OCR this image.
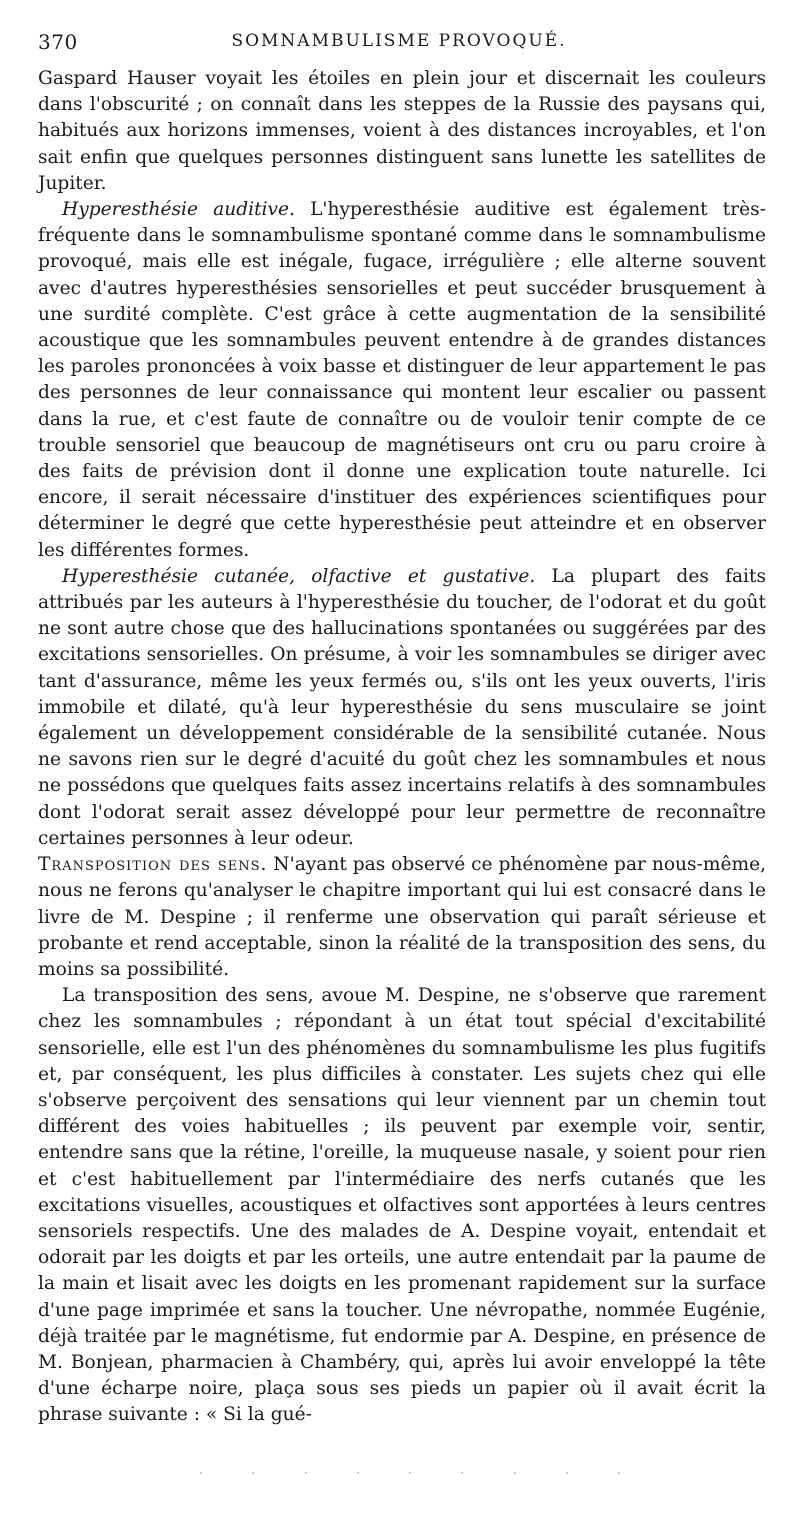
370	SOMNAMBULISME PROVOQUÉ.

Gaspard Hauser voyait les étoiles en plein jour et discernait les couleurs dans l'obscurité ; on connaît dans les steppes de la Russie des paysans qui, habitués aux horizons immenses, voient à des distances incroyables, et l'on sait enfin que quelques personnes distinguent sans lunette les satellites de Jupiter.

Hyperesthésie auditive. L'hyperesthésie auditive est également très-fréquente dans le somnambulisme spontané comme dans le somnambulisme provoqué, mais elle est inégale, fugace, irrégulière ; elle alterne souvent avec d'autres hyperesthésies sensorielles et peut succéder brusquement à une surdité complète. C'est grâce à cette augmentation de la sensibilité acoustique que les somnambules peuvent entendre à de grandes distances les paroles prononcées à voix basse et distinguer de leur appartement le pas des personnes de leur connaissance qui montent leur escalier ou passent dans la rue, et c'est faute de connaître ou de vouloir tenir compte de ce trouble sensoriel que beaucoup de magnétiseurs ont cru ou paru croire à des faits de prévision dont il donne une explication toute naturelle. Ici encore, il serait nécessaire d'instituer des expériences scientifiques pour déterminer le degré que cette hyperesthésie peut atteindre et en observer les différentes formes.

Hyperesthésie cutanée, olfactive et gustative. La plupart des faits attribués par les auteurs à l'hyperesthésie du toucher, de l'odorat et du goût ne sont autre chose que des hallucinations spontanées ou suggérées par des excitations sensorielles. On présume, à voir les somnambules se diriger avec tant d'assurance, même les yeux fermés ou, s'ils ont les yeux ouverts, l'iris immobile et dilaté, qu'à leur hyperesthésie du sens musculaire se joint également un développement considérable de la sensibilité cutanée. Nous ne savons rien sur le degré d'acuité du goût chez les somnambules et nous ne possédons que quelques faits assez incertains relatifs à des somnambules dont l'odorat serait assez développé pour leur permettre de reconnaître certaines personnes à leur odeur.

Transposition des sens. N'ayant pas observé ce phénomène par nous-même, nous ne ferons qu'analyser le chapitre important qui lui est consacré dans le livre de M. Despine ; il renferme une observation qui paraît sérieuse et probante et rend acceptable, sinon la réalité de la transposition des sens, du moins sa possibilité.

La transposition des sens, avoue M. Despine, ne s'observe que rarement chez les somnambules ; répondant à un état tout spécial d'excitabilité sensorielle, elle est l'un des phénomènes du somnambulisme les plus fugitifs et, par conséquent, les plus difficiles à constater. Les sujets chez qui elle s'observe perçoivent des sensations qui leur viennent par un chemin tout différent des voies habituelles ; ils peuvent par exemple voir, sentir, entendre sans que la rétine, l'oreille, la muqueuse nasale, y soient pour rien et c'est habituellement par l'intermédiaire des nerfs cutanés que les excitations visuelles, acoustiques et olfactives sont apportées à leurs centres sensoriels respectifs. Une des malades de A. Despine voyait, entendait et odorait par les doigts et par les orteils, une autre entendait par la paume de la main et lisait avec les doigts en les promenant rapidement sur la surface d'une page imprimée et sans la toucher. Une névropathe, nommée Eugénie, déjà traitée par le magnétisme, fut endormie par A. Despine, en présence de M. Bonjean, pharmacien à Chambéry, qui, après lui avoir enveloppé la tête d'une écharpe noire, plaça sous ses pieds un papier où il avait écrit la phrase suivante : « Si la gué-
